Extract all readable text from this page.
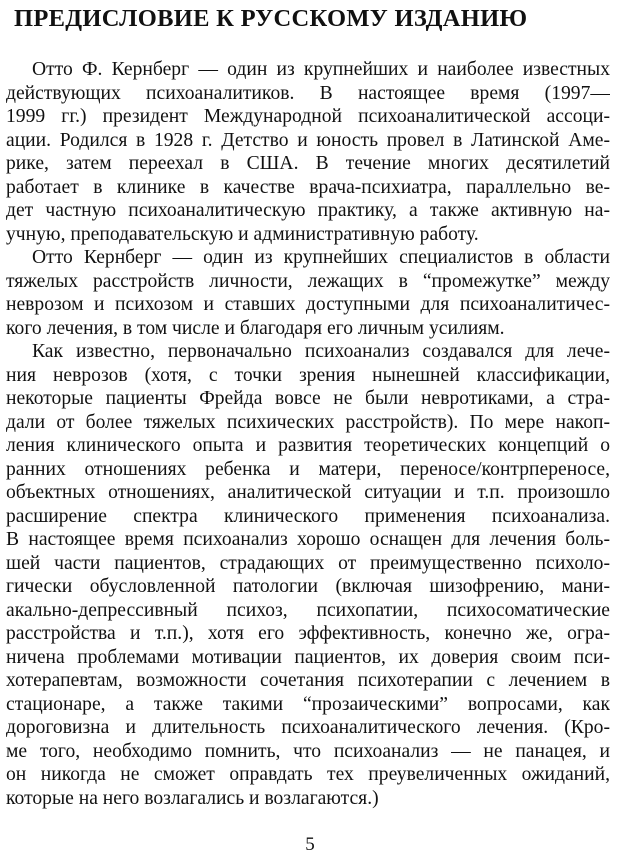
ПРЕДИСЛОВИЕ К РУССКОМУ ИЗДАНИЮ
Отто Ф. Кернберг — один из крупнейших и наиболее известных
действующих психоаналитиков. В настоящее время (1997—
1999 гг.) президент Международной психоаналитической ассоци-
ации. Родился в 1928 г. Детство и юность провел в Латинской Аме-
рике, затем переехал в США. В течение многих десятилетий
работает в клинике в качестве врача-психиатра, параллельно ве-
дет частную психоаналитическую практику, а также активную на-
учную, преподавательскую и административную работу.
Отто Кернберг — один из крупнейших специалистов в области
тяжелых расстройств личности, лежащих в “промежутке” между
неврозом и психозом и ставших доступными для психоаналитичес-
кого лечения, в том числе и благодаря его личным усилиям.
Как известно, первоначально психоанализ создавался для лече-
ния неврозов (хотя, с точки зрения нынешней классификации,
некоторые пациенты Фрейда вовсе не были невротиками, а стра-
дали от более тяжелых психических расстройств). По мере накоп-
ления клинического опыта и развития теоретических концепций о
ранних отношениях ребенка и матери, переносе/контрпереносе,
объектных отношениях, аналитической ситуации и т.п. произошло
расширение спектра клинического применения психоанализа.
В настоящее время психоанализ хорошо оснащен для лечения боль-
шей части пациентов, страдающих от преимущественно психоло-
гически обусловленной патологии (включая шизофрению, мани-
акально-депрессивный психоз, психопатии, психосоматические
расстройства и т.п.), хотя его эффективность, конечно же, огра-
ничена проблемами мотивации пациентов, их доверия своим пси-
хотерапевтам, возможности сочетания психотерапии с лечением в
стационаре, а также такими “прозаическими” вопросами, как
дороговизна и длительность психоаналитического лечения. (Кро-
ме того, необходимо помнить, что психоанализ — не панацея, и
он никогда не сможет оправдать тех преувеличенных ожиданий,
которые на него возлагались и возлагаются.)
5
